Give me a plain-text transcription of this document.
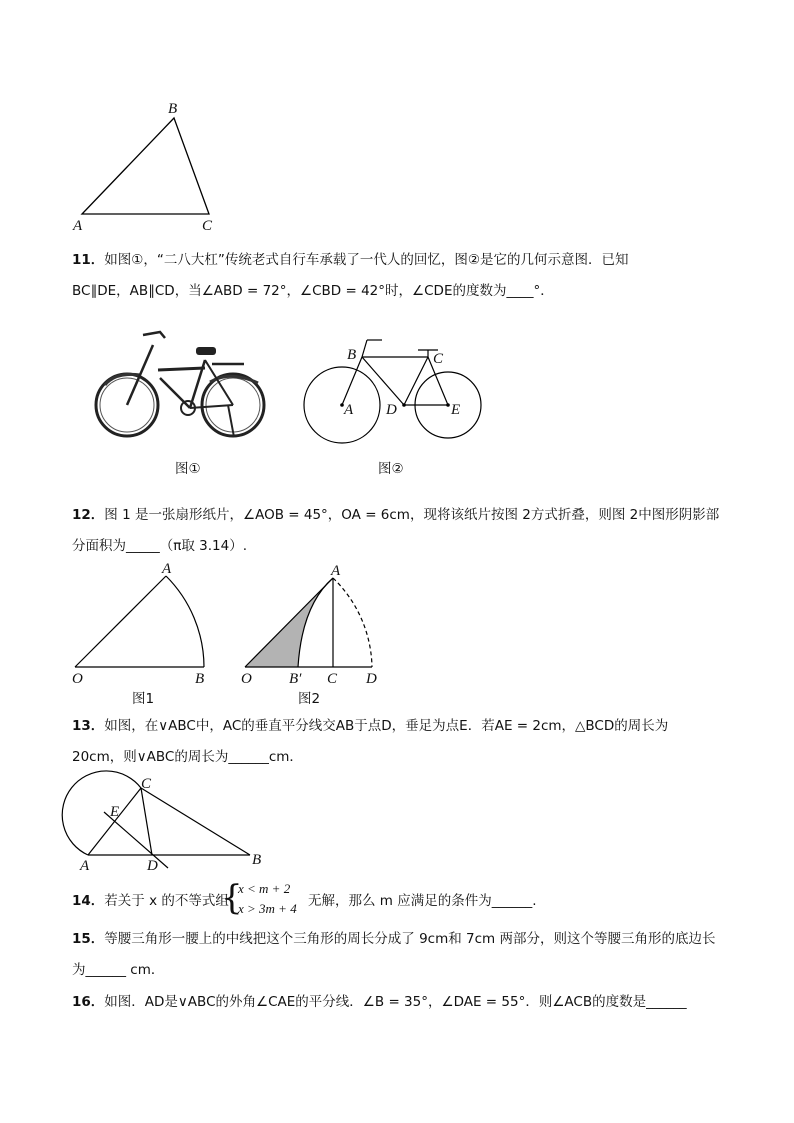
B
A	C
11．如图①，“二八大杠”传统老式自行车承载了一代人的回忆，图②是它的几何示意图．已知
BC∥DE，AB∥CD，当∠ABD = 72°，∠CBD = 42°时，∠CDE的度数为____°．
图①
B	C
A D	E
图②
12．图 1 是一张扇形纸片，∠AOB = 45°，OA = 6cm，现将该纸片按图 2方式折叠，则图 2中图形阴影部
分面积为_____（π取 3.14）.
A
O	B
图1
A
O B′ C D
图2
13．如图，在∨ABC中，AC的垂直平分线交AB于点D，垂足为点E．若AE = 2cm，△BCD的周长为
20cm，则∨ABC的周长为______cm．
C
E
A	D	B
14．若关于 x 的不等式组
{
x < m + 2
x > 3m + 4 无解，那么 m 应满足的条件为______.
15．等腰三角形一腰上的中线把这个三角形的周长分成了 9cm和 7cm 两部分，则这个等腰三角形的底边长
为______ cm．
16．如图．AD是∨ABC的外角∠CAE的平分线．∠B = 35°，∠DAE = 55°．则∠ACB的度数是______
